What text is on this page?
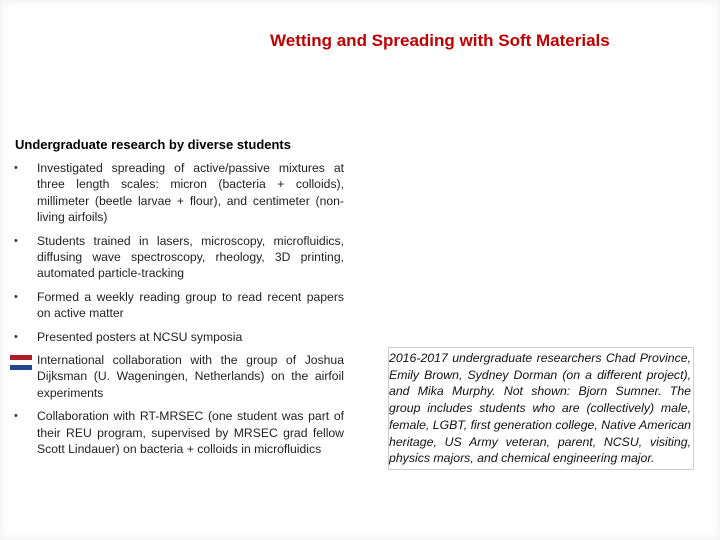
John Nasrey	Wetting and Spreading with Soft Materials
Research Center, NCSU, Physics Student Outreach
Undergraduate research by diverse students
• Investigated spreading of active/passive mixtures at three length scales: micron (bacteria + colloids), millimeter (beetle larvae + flour), and centimeter (non-living airfoils)
• Students trained in lasers, microscopy, microfluidics, diffusing wave spectroscopy, rheology, 3D printing, automated particle-tracking
• Formed a weekly reading group to read recent papers on active matter
• Presented posters at NCSU symposia
International collaboration with the group of Joshua Dijksman (U. Wageningen, Netherlands) on the airfoil experiments
• Collaboration with RT-MRSEC (one student was part of their REU program, supervised by MRSEC grad fellow Scott Lindauer) on bacteria + colloids in microfluidics
2016-2017 undergraduate researchers Chad Province, Emily Brown, Sydney Dorman (on a different project), and Mika Murphy. Not shown: Bjorn Sumner. The group includes students who are (collectively) male, female, LGBT, first generation college, Native American heritage, US Army veteran, parent, NCSU, visiting, physics majors, and chemical engineering major.
